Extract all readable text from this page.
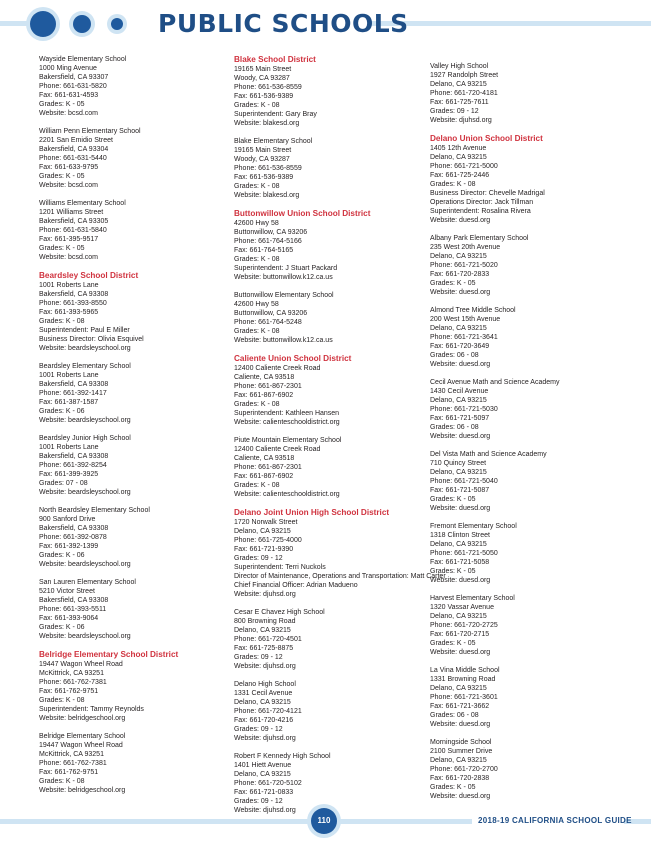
PUBLIC SCHOOLS
Wayside Elementary School
1000 Ming Avenue
Bakersfield, CA 93307
Phone: 661-631-5820
Fax: 661-631-4593
Grades: K - 05
Website: bcsd.com
William Penn Elementary School
2201 San Emidio Street
Bakersfield, CA 93304
Phone: 661-631-5440
Fax: 661-633-9795
Grades: K - 05
Website: bcsd.com
Williams Elementary School
1201 Williams Street
Bakersfield, CA 93305
Phone: 661-631-5840
Fax: 661-395-9517
Grades: K - 05
Website: bcsd.com
Beardsley School District
1001 Roberts Lane
Bakersfield, CA 93308
Phone: 661-393-8550
Fax: 661-393-5965
Grades: K - 08
Superintendent: Paul E Miller
Business Director: Olivia Esquivel
Website: beardsleyschool.org
Beardsley Elementary School
1001 Roberts Lane
Bakersfield, CA 93308
Phone: 661-392-1417
Fax: 661-387-1587
Grades: K - 06
Website: beardsleyschool.org
Beardsley Junior High School
1001 Roberts Lane
Bakersfield, CA 93308
Phone: 661-392-8254
Fax: 661-399-3925
Grades: 07 - 08
Website: beardsleyschool.org
North Beardsley Elementary School
900 Sanford Drive
Bakersfield, CA 93308
Phone: 661-392-0878
Fax: 661-392-1399
Grades: K - 06
Website: beardsleyschool.org
San Lauren Elementary School
5210 Victor Street
Bakersfield, CA 93308
Phone: 661-393-5511
Fax: 661-393-9064
Grades: K - 06
Website: beardsleyschool.org
Belridge Elementary School District
19447 Wagon Wheel Road
McKittrick, CA 93251
Phone: 661-762-7381
Fax: 661-762-9751
Grades: K - 08
Superintendent: Tammy Reynolds
Website: belridgeschool.org
Belridge Elementary School
19447 Wagon Wheel Road
McKittrick, CA 93251
Phone: 661-762-7381
Fax: 661-762-9751
Grades: K - 08
Website: belridgeschool.org
Blake School District
19165 Main Street
Woody, CA 93287
Phone: 661-536-8559
Fax: 661-536-9389
Grades: K - 08
Superintendent: Gary Bray
Website: blakesd.org
Blake Elementary School
19165 Main Street
Woody, CA 93287
Phone: 661-536-8559
Fax: 661-536-9389
Grades: K - 08
Website: blakesd.org
Buttonwillow Union School District
42600 Hwy 58
Buttonwillow, CA 93206
Phone: 661-764-5166
Fax: 661-764-5165
Grades: K - 08
Superintendent: J Stuart Packard
Website: buttonwillow.k12.ca.us
Buttonwillow Elementary School
42600 Hwy 58
Buttonwillow, CA 93206
Phone: 661-764-5248
Grades: K - 08
Website: buttonwillow.k12.ca.us
Caliente Union School District
12400 Caliente Creek Road
Caliente, CA 93518
Phone: 661-867-2301
Fax: 661-867-6902
Grades: K - 08
Superintendent: Kathleen Hansen
Website: calienteschooldistrict.org
Piute Mountain Elementary School
12400 Caliente Creek Road
Caliente, CA 93518
Phone: 661-867-2301
Fax: 661-867-6902
Grades: K - 08
Website: calienteschooldistrict.org
Delano Joint Union High School District
1720 Norwalk Street
Delano, CA 93215
Phone: 661-725-4000
Fax: 661-721-9390
Grades: 09 - 12
Superintendent: Terri Nuckols
Director of Maintenance, Operations and Transportation: Matt Carter
Chief Financial Officer: Adrian Madueno
Website: djuhsd.org
Cesar E Chavez High School
800 Browning Road
Delano, CA 93215
Phone: 661-720-4501
Fax: 661-725-8875
Grades: 09 - 12
Website: djuhsd.org
Delano High School
1331 Cecil Avenue
Delano, CA 93215
Phone: 661-720-4121
Fax: 661-720-4216
Grades: 09 - 12
Website: djuhsd.org
Robert F Kennedy High School
1401 Hiett Avenue
Delano, CA 93215
Phone: 661-720-5102
Fax: 661-721-0833
Grades: 09 - 12
Website: djuhsd.org
Valley High School
1927 Randolph Street
Delano, CA 93215
Phone: 661-720-4181
Fax: 661-725-7611
Grades: 09 - 12
Website: djuhsd.org
Delano Union School District
1405 12th Avenue
Delano, CA 93215
Phone: 661-721-5000
Fax: 661-725-2446
Grades: K - 08
Business Director: Chevelle Madrigal
Operations Director: Jack Tillman
Superintendent: Rosalina Rivera
Website: duesd.org
Albany Park Elementary School
235 West 20th Avenue
Delano, CA 93215
Phone: 661-721-5020
Fax: 661-720-2833
Grades: K - 05
Website: duesd.org
Almond Tree Middle School
200 West 15th Avenue
Delano, CA 93215
Phone: 661-721-3641
Fax: 661-720-3649
Grades: 06 - 08
Website: duesd.org
Cecil Avenue Math and Science Academy
1430 Cecil Avenue
Delano, CA 93215
Phone: 661-721-5030
Fax: 661-721-5097
Grades: 06 - 08
Website: duesd.org
Del Vista Math and Science Academy
710 Quincy Street
Delano, CA 93215
Phone: 661-721-5040
Fax: 661-721-5087
Grades: K - 05
Website: duesd.org
Fremont Elementary School
1318 Clinton Street
Delano, CA 93215
Phone: 661-721-5050
Fax: 661-721-5058
Grades: K - 05
Website: duesd.org
Harvest Elementary School
1320 Vassar Avenue
Delano, CA 93215
Phone: 661-720-2725
Fax: 661-720-2715
Grades: K - 05
Website: duesd.org
La Vina Middle School
1331 Browning Road
Delano, CA 93215
Phone: 661-721-3601
Fax: 661-721-3662
Grades: 06 - 08
Website: duesd.org
Morningside School
2100 Summer Drive
Delano, CA 93215
Phone: 661-720-2700
Fax: 661-720-2838
Grades: K - 05
Website: duesd.org
110	2018-19 CALIFORNIA SCHOOL GUIDE
